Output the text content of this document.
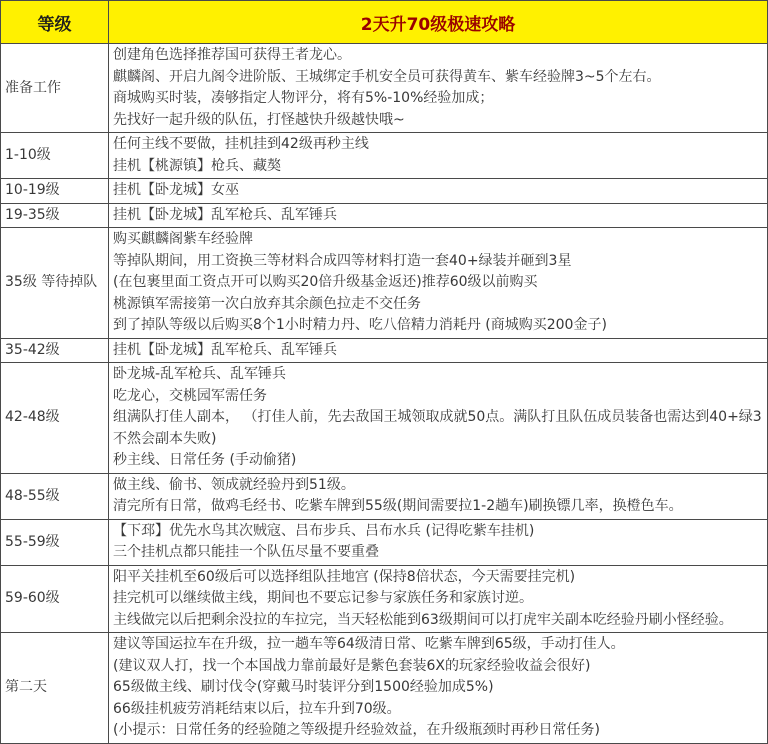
等级	2天升70级极速攻略
准备工作	创建角色选择推荐国可获得王者龙心。
麒麟阁、开启九阁令进阶版、王城绑定手机安全员可获得黄车、紫车经验牌3~5个左右。
商城购买时装，凑够指定人物评分，将有5%-10%经验加成；
先找好一起升级的队伍，打怪越快升级越快哦~

1-10级	任何主线不要做，挂机挂到42级再秒主线
挂机【桃源镇】枪兵、藏獒

10-19级	挂机【卧龙城】女巫

19-35级	挂机【卧龙城】乱军枪兵、乱军锤兵

35级 等待掉队	购买麒麟阁紫车经验牌
等掉队期间，用工资换三等材料合成四等材料打造一套40+绿装并砸到3星
(在包裹里面工资点开可以购买20倍升级基金返还)推荐60级以前购买
桃源镇军需接第一次白放弃其余颜色拉走不交任务
到了掉队等级以后购买8个1小时精力丹、吃八倍精力消耗丹 (商城购买200金子)

35-42级	挂机【卧龙城】乱军枪兵、乱军锤兵

42-48级	卧龙城-乱军枪兵、乱军锤兵
吃龙心，交桃园军需任务
组满队打佳人副本， （打佳人前，先去敌国王城领取成就50点。满队打且队伍成员装备也需达到40+绿3不然会副本失败)
秒主线、日常任务 (手动偷猪)

48-55级	做主线、偷书、领成就经验丹到51级。
清完所有日常，做鸡毛经书、吃紫车牌到55级(期间需要拉1-2趟车)刷换镖几率，换橙色车。

55-59级	【下邳】优先水鸟其次贼寇、吕布步兵、吕布水兵 (记得吃紫车挂机)
三个挂机点都只能挂一个队伍尽量不要重叠

59-60级	阳平关挂机至60级后可以选择组队挂地宫 (保持8倍状态，今天需要挂完机)
挂完机可以继续做主线，期间也不要忘记参与家族任务和家族讨逆。
主线做完以后把剩余没拉的车拉完，当天轻松能到63级期间可以打虎牢关副本吃经验丹刷小怪经验。

第二天	建议等国运拉车在升级，拉一趟车等64级清日常、吃紫车牌到65级，手动打佳人。
(建议双人打，找一个本国战力靠前最好是紫色套装6X的玩家经验收益会很好)
65级做主线、刷讨伐令(穿戴马时装评分到1500经验加成5%)
66级挂机疲劳消耗结束以后，拉车升到70级。
(小提示：日常任务的经验随之等级提升经验效益，在升级瓶颈时再秒日常任务)
